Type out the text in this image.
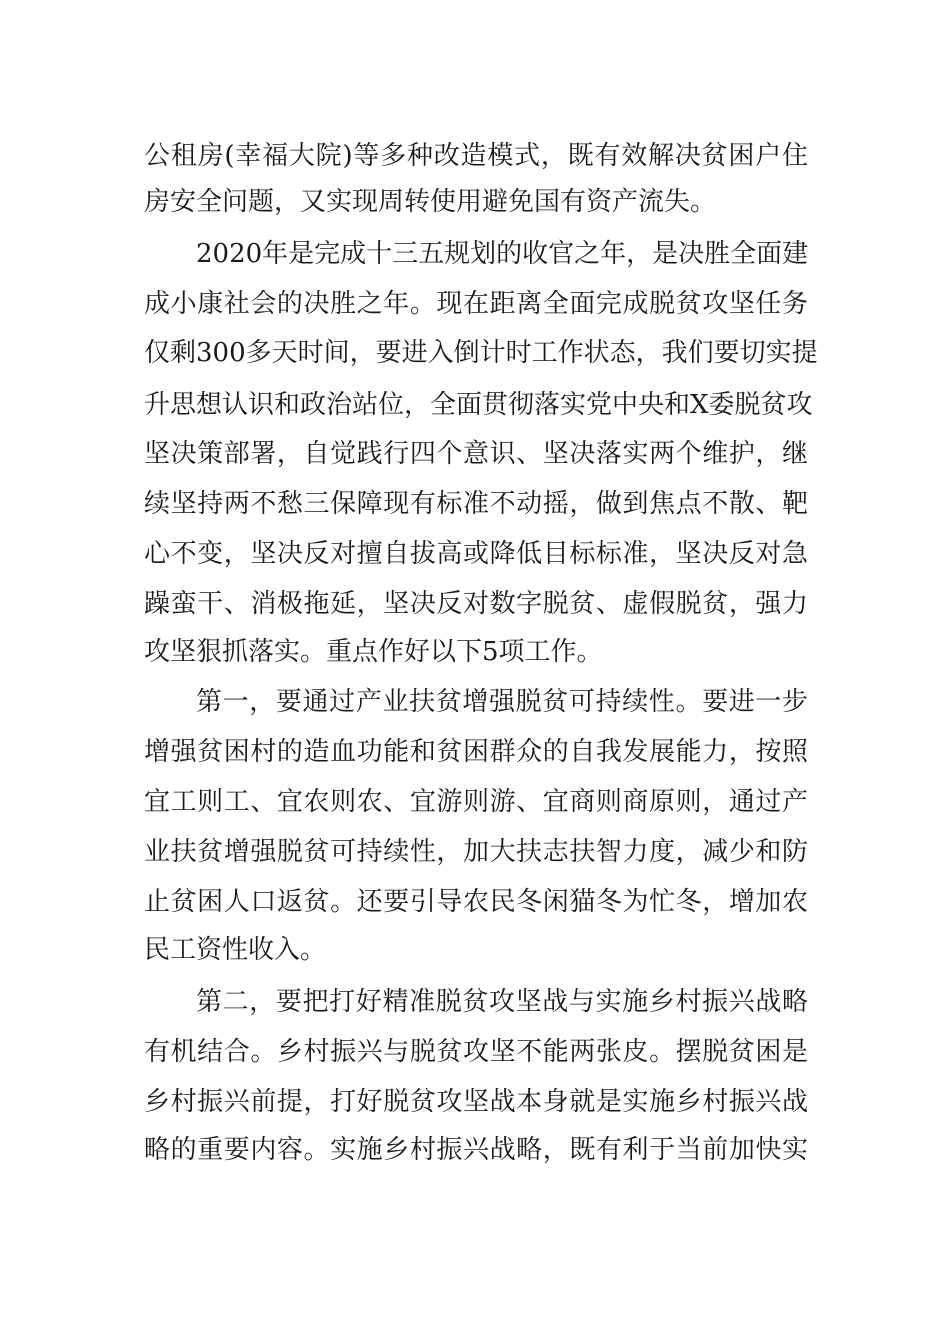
公租房(幸福大院)等多种改造模式，既有效解决贫困户住
房安全问题，又实现周转使用避免国有资产流失。
2020年是完成十三五规划的收官之年，是决胜全面建
成小康社会的决胜之年。现在距离全面完成脱贫攻坚任务
仅剩300多天时间，要进入倒计时工作状态，我们要切实提
升思想认识和政治站位，全面贯彻落实党中央和X委脱贫攻
坚决策部署，自觉践行四个意识、坚决落实两个维护，继
续坚持两不愁三保障现有标准不动摇，做到焦点不散、靶
心不变，坚决反对擅自拔高或降低目标标准，坚决反对急
躁蛮干、消极拖延，坚决反对数字脱贫、虚假脱贫，强力
攻坚狠抓落实。重点作好以下5项工作。
第一，要通过产业扶贫增强脱贫可持续性。要进一步
增强贫困村的造血功能和贫困群众的自我发展能力，按照
宜工则工、宜农则农、宜游则游、宜商则商原则，通过产
业扶贫增强脱贫可持续性，加大扶志扶智力度，减少和防
止贫困人口返贫。还要引导农民冬闲猫冬为忙冬，增加农
民工资性收入。
第二，要把打好精准脱贫攻坚战与实施乡村振兴战略
有机结合。乡村振兴与脱贫攻坚不能两张皮。摆脱贫困是
乡村振兴前提，打好脱贫攻坚战本身就是实施乡村振兴战
略的重要内容。实施乡村振兴战略，既有利于当前加快实
